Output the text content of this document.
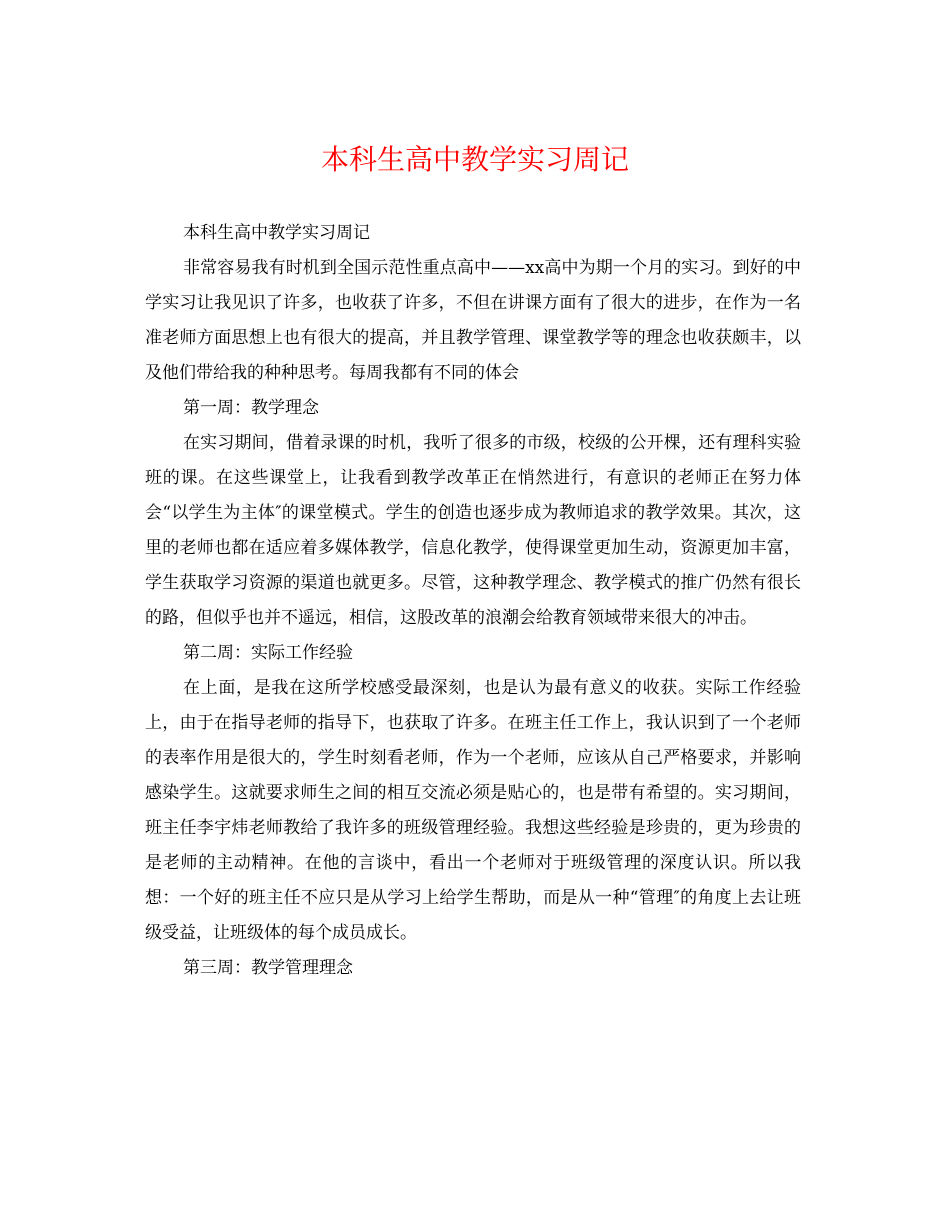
本科生高中教学实习周记

本科生高中教学实习周记

非常容易我有时机到全国示范性重点高中——xx高中为期一个月的实习。到好的中学实习让我见识了许多，也收获了许多，不但在讲课方面有了很大的进步，在作为一名准老师方面思想上也有很大的提高，并且教学管理、课堂教学等的理念也收获颇丰，以及他们带给我的种种思考。每周我都有不同的体会

第一周：教学理念

在实习期间，借着录课的时机，我听了很多的市级，校级的公开棵，还有理科实验班的课。在这些课堂上，让我看到教学改革正在悄然进行，有意识的老师正在努力体会“以学生为主体″的课堂模式。学生的创造也逐步成为教师追求的教学效果。其次，这里的老师也都在适应着多媒体教学，信息化教学，使得课堂更加生动，资源更加丰富，学生获取学习资源的渠道也就更多。尽管，这种教学理念、教学模式的推广仍然有很长的路，但似乎也并不遥远，相信，这股改革的浪潮会给教育领域带来很大的冲击。

第二周：实际工作经验

在上面，是我在这所学校感受最深刻，也是认为最有意义的收获。实际工作经验上，由于在指导老师的指导下，也获取了许多。在班主任工作上，我认识到了一个老师的表率作用是很大的，学生时刻看老师，作为一个老师，应该从自己严格要求，并影响感染学生。这就要求师生之间的相互交流必须是贴心的，也是带有希望的。实习期间，班主任李宇炜老师教给了我许多的班级管理经验。我想这些经验是珍贵的，更为珍贵的是老师的主动精神。在他的言谈中，看出一个老师对于班级管理的深度认识。所以我想：一个好的班主任不应只是从学习上给学生帮助，而是从一种“管理″的角度上去让班级受益，让班级体的每个成员成长。

第三周：教学管理理念
